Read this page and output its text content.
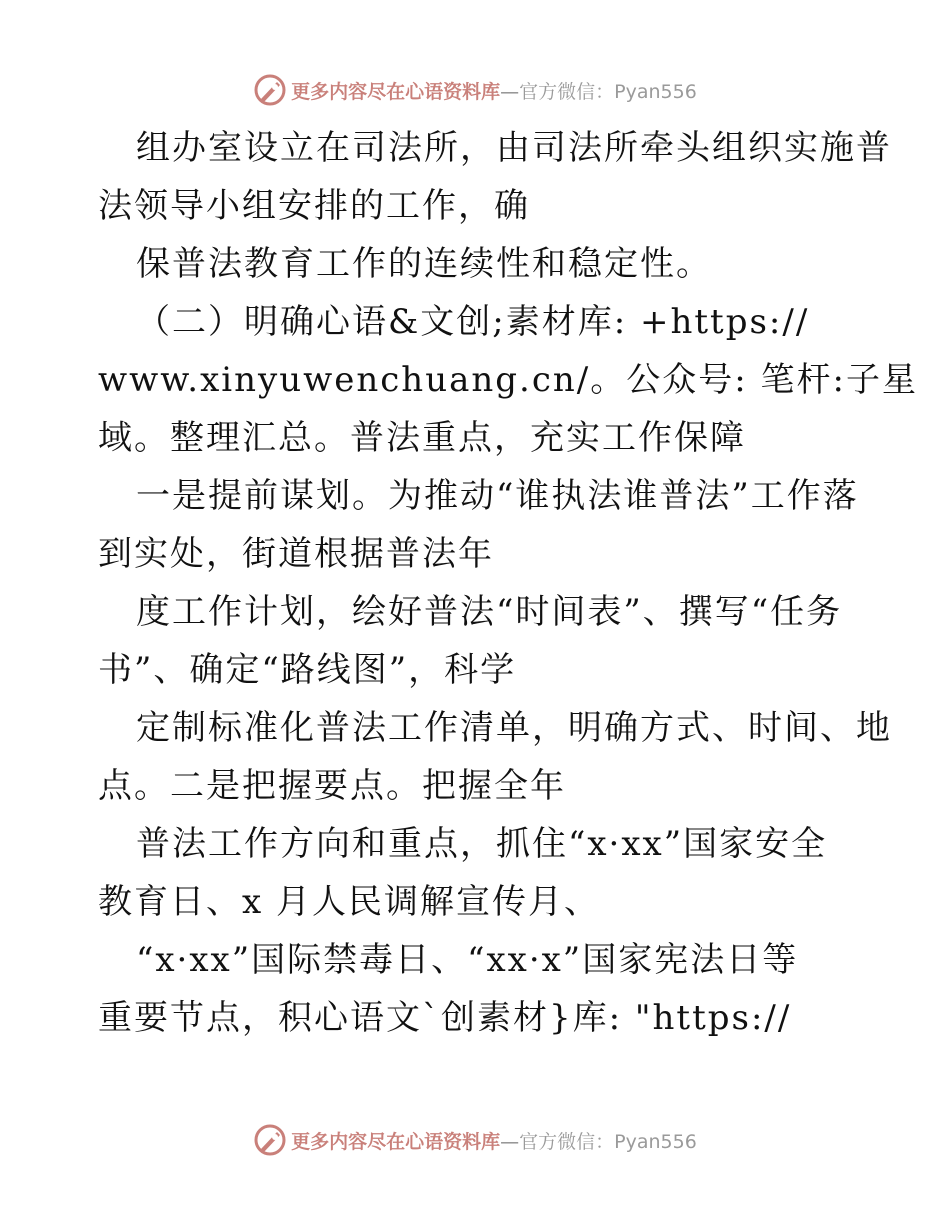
更多内容尽在心语资料库—官方微信：Pyan556
组办室设立在司法所，由司法所牵头组织实施普
法领导小组安排的工作，确
保普法教育工作的连续性和稳定性。
（二）明确心语&文创;素材库: +https://
www.xinyuwenchuang.cn/。公众号: 笔杆:子星
域。整理汇总。普法重点，充实工作保障
一是提前谋划。为推动“谁执法谁普法”工作落
到实处，街道根据普法年
度工作计划，绘好普法“时间表”、撰写“任务
书”、确定“路线图”，科学
定制标准化普法工作清单，明确方式、时间、地
点。二是把握要点。把握全年
普法工作方向和重点，抓住“x·xx”国家安全
教育日、x 月人民调解宣传月、
“x·xx”国际禁毒日、“xx·x”国家宪法日等
重要节点，积心语文`创素材}库: "https://
更多内容尽在心语资料库—官方微信：Pyan556
